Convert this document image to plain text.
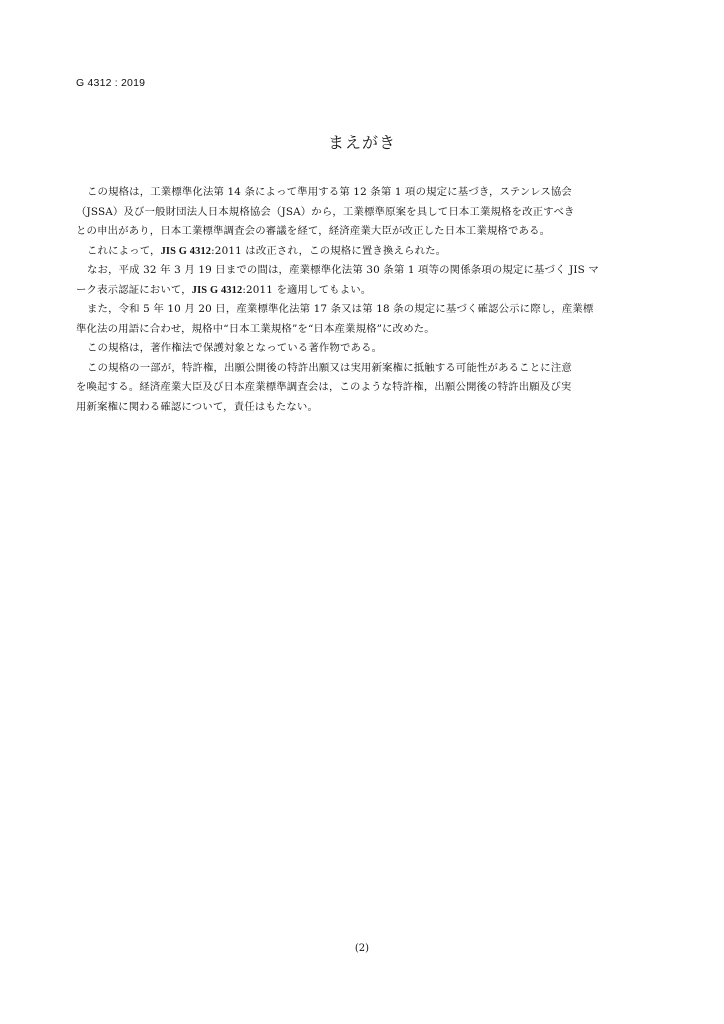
G 4312 : 2019
まえがき
この規格は，工業標準化法第 14 条によって準用する第 12 条第 1 項の規定に基づき，ステンレス協会
（JSSA）及び一般財団法人日本規格協会（JSA）から，工業標準原案を具して日本工業規格を改正すべき
との申出があり，日本工業標準調査会の審議を経て，経済産業大臣が改正した日本工業規格である。
これによって，JIS G 4312:2011 は改正され，この規格に置き換えられた。
なお，平成 32 年 3 月 19 日までの間は，産業標準化法第 30 条第 1 項等の関係条項の規定に基づく JIS マ
ーク表示認証において，JIS G 4312:2011 を適用してもよい。
また，令和 5 年 10 月 20 日，産業標準化法第 17 条又は第 18 条の規定に基づく確認公示に際し，産業標
準化法の用語に合わせ，規格中“日本工業規格”を“日本産業規格”に改めた。
この規格は，著作権法で保護対象となっている著作物である。
この規格の一部が，特許権，出願公開後の特許出願又は実用新案権に抵触する可能性があることに注意
を喚起する。経済産業大臣及び日本産業標準調査会は，このような特許権，出願公開後の特許出願及び実
用新案権に関わる確認について，責任はもたない。
(2)
